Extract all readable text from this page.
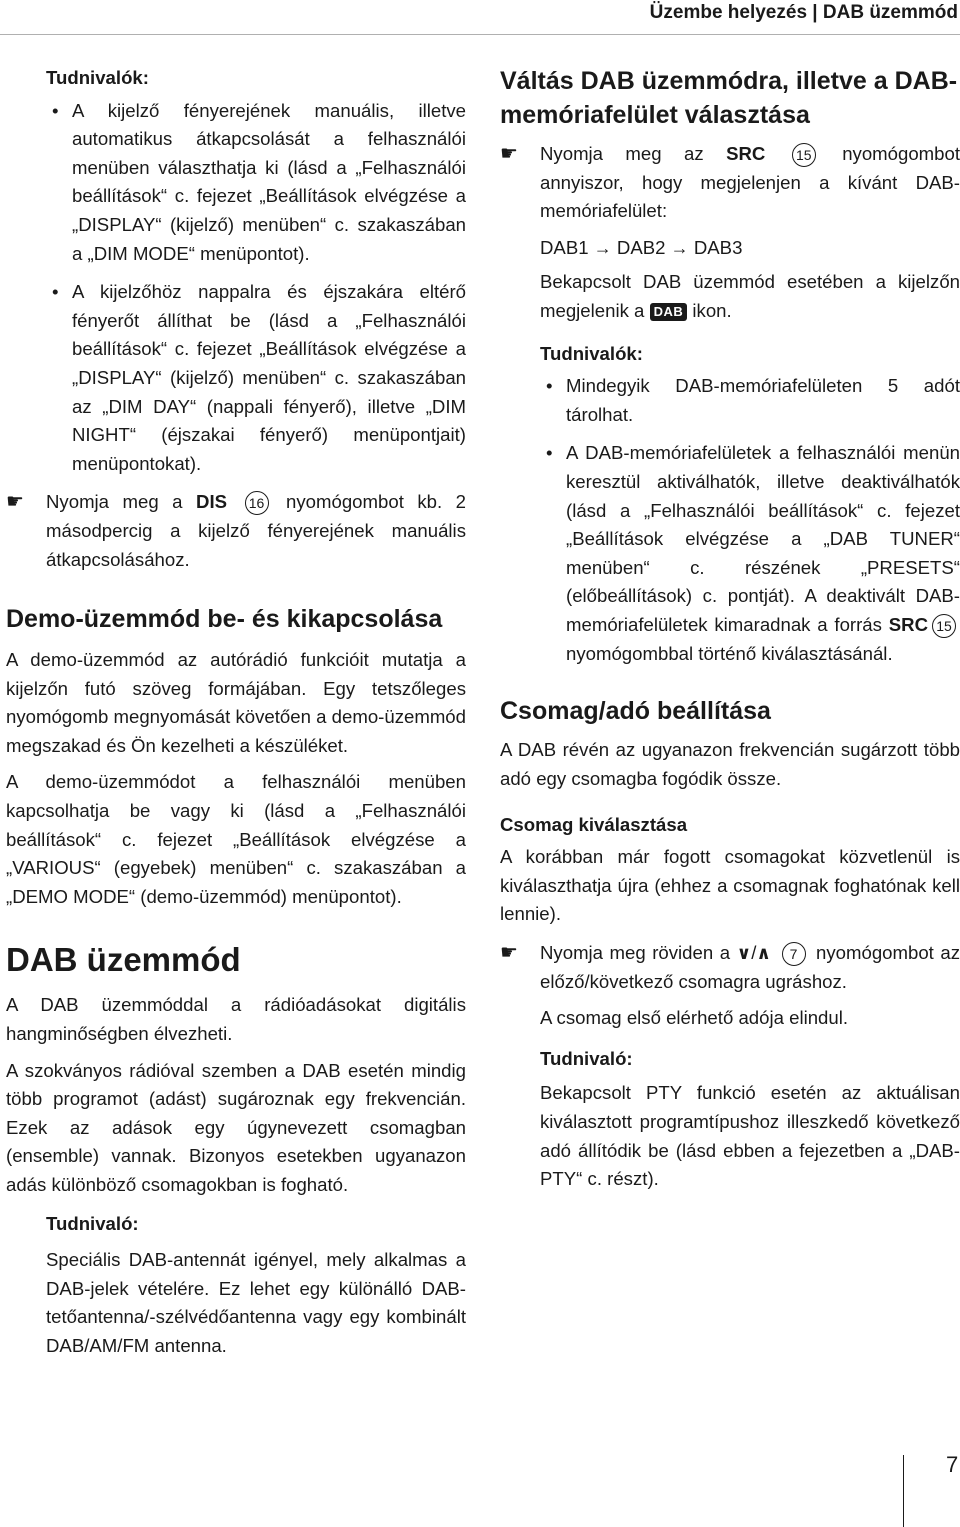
Üzembe helyezés | DAB üzemmód

Tudnivalók:

• A kijelző fényerejének manuális, illetve automatikus átkapcsolását a felhasználói menüben választhatja ki (lásd a „Felhasználói beállítások“ c. fejezet „Beállítások elvégzése a „DISPLAY“ (kijelző) menüben“ c. szakaszában a „DIM MODE“ menüpontot).
• A kijelzőhöz nappalra és éjszakára eltérő fényerőt állíthat be (lásd a „Felhasználói beállítások“ c. fejezet „Beállítások elvégzése a „DISPLAY“ (kijelző) menüben“ c. szakaszában az „DIM DAY“ (nappali fényerő), illetve „DIM NIGHT“ (éjszakai fényerő) menüpontjait) menüpontokat).
☛ Nyomja meg a DIS 16 nyomógombot kb. 2 másodpercig a kijelző fényerejének manuális átkapcsolásához.
Demo-üzemmód be- és kikapcsolása

A demo-üzemmód az autórádió funkcióit mutatja a kijelzőn futó szöveg formájában. Egy tetszőleges nyomógomb megnyomását követően a demo-üzemmód megszakad és Ön kezelheti a készüléket.

A demo-üzemmódot a felhasználói menüben kapcsolhatja be vagy ki (lásd a „Felhasználói beállítások“ c. fejezet „Beállítások elvégzése a „VARIOUS“ (egyebek) menüben“ c. szakaszában a „DEMO MODE“ (demo-üzemmód) menüpontot).

DAB üzemmód

A DAB üzemmóddal a rádióadásokat digitális hangminőségben élvezheti.

A szokványos rádióval szemben a DAB esetén mindig több programot (adást) sugároznak egy frekvencián. Ezek az adások egy úgynevezett csomagban (ensemble) vannak. Bizonyos esetekben ugyanazon adás különböző csomagokban is fogható.

Tudnivaló:

Speciális DAB-antennát igényel, mely alkalmas a DAB-jelek vételére. Ez lehet egy különálló DAB-tetőantenna/-szélvédőantenna vagy egy kombinált DAB/AM/FM antenna.

Váltás DAB üzemmódra, illetve a DAB-memóriafelület választása
☛ Nyomja meg az SRC 15 nyomógombot annyiszor, hogy megjelenjen a kívánt DAB-memóriafelület:

DAB1 → DAB2 → DAB3

Bekapcsolt DAB üzemmód esetében a kijelzőn megjelenik a DAB ikon.

Tudnivalók:

• Mindegyik DAB-memóriafelületen 5 adót tárolhat.
• A DAB-memóriafelületek a felhasználói menün keresztül aktiválhatók, illetve deaktiválhatók (lásd a „Felhasználói beállítások“ c. fejezet „Beállítások elvégzése a „DAB TUNER“ menüben“ c. részének „PRESETS“ (előbeállítások) c. pontját). A deaktivált DAB-memóriafelületek kimaradnak a forrás SRC 15 nyomógombbal történő kiválasztásánál.
Csomag/adó beállítása

A DAB révén az ugyanazon frekvencián sugárzott több adó egy csomagba fogódik össze.

Csomag kiválasztása

A korábban már fogott csomagokat közvetlenül is kiválaszthatja újra (ehhez a csomagnak foghatónak kell lennie).

☛ Nyomja meg röviden a ∨/∧ 7 nyomógombot az előző/következő csomagra ugráshoz.

A csomag első elérhető adója elindul.

Tudnivaló:

Bekapcsolt PTY funkció esetén az aktuálisan kiválasztott programtípushoz illeszkedő következő adó állítódik be (lásd ebben a fejezetben a „DAB-PTY“ c. részt).

7
